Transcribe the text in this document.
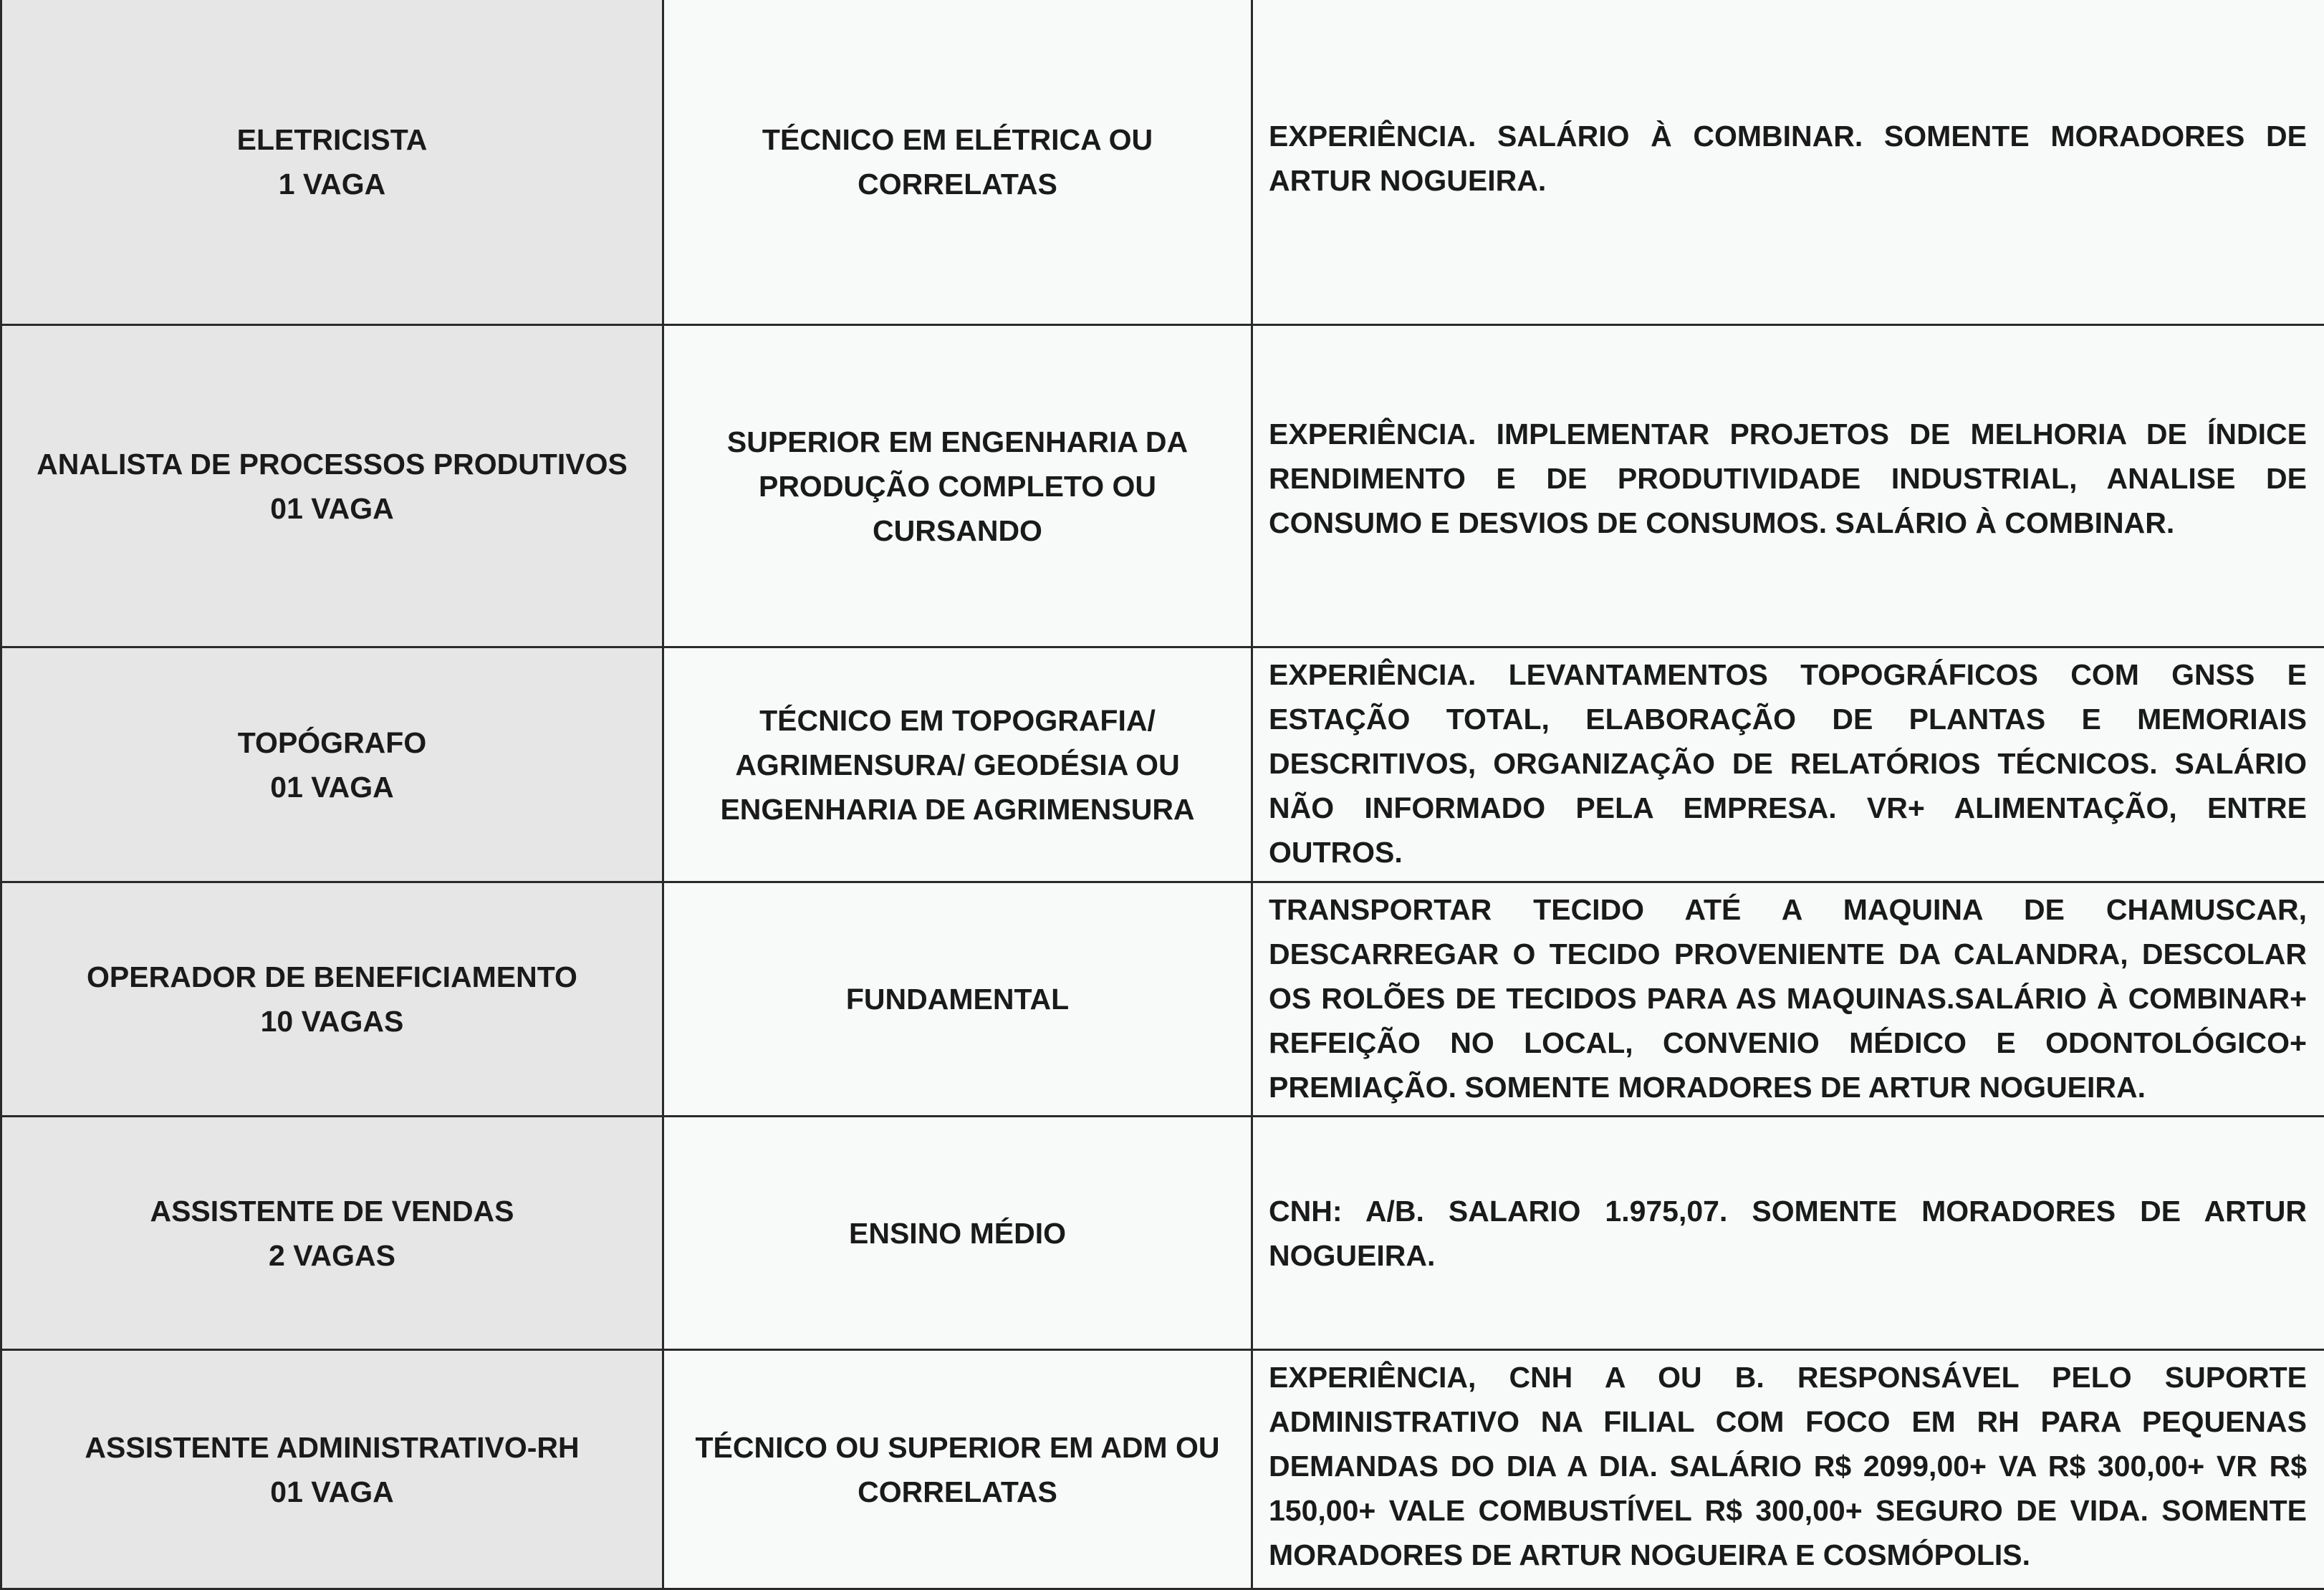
ELETRICISTA
1 VAGA	TÉCNICO EM ELÉTRICA OU CORRELATAS	EXPERIÊNCIA. SALÁRIO À COMBINAR. SOMENTE MORADORES DE ARTUR NOGUEIRA.

ANALISTA DE PROCESSOS PRODUTIVOS
01 VAGA	SUPERIOR EM ENGENHARIA DA PRODUÇÃO COMPLETO OU CURSANDO	EXPERIÊNCIA. IMPLEMENTAR PROJETOS DE MELHORIA DE ÍNDICE RENDIMENTO E DE PRODUTIVIDADE INDUSTRIAL, ANALISE DE CONSUMO E DESVIOS DE CONSUMOS. SALÁRIO À COMBINAR.

TOPÓGRAFO
01 VAGA	TÉCNICO EM TOPOGRAFIA/ AGRIMENSURA/ GEODÉSIA OU ENGENHARIA DE AGRIMENSURA	EXPERIÊNCIA. LEVANTAMENTOS TOPOGRÁFICOS COM GNSS E ESTAÇÃO TOTAL, ELABORAÇÃO DE PLANTAS E MEMORIAIS DESCRITIVOS, ORGANIZAÇÃO DE RELATÓRIOS TÉCNICOS. SALÁRIO NÃO INFORMADO PELA EMPRESA. VR+ ALIMENTAÇÃO, ENTRE OUTROS.

OPERADOR DE BENEFICIAMENTO
10 VAGAS	FUNDAMENTAL	TRANSPORTAR TECIDO ATÉ A MAQUINA DE CHAMUSCAR, DESCARREGAR O TECIDO PROVENIENTE DA CALANDRA, DESCOLAR OS ROLÕES DE TECIDOS PARA AS MAQUINAS.SALÁRIO À COMBINAR+ REFEIÇÃO NO LOCAL, CONVENIO MÉDICO E ODONTOLÓGICO+ PREMIAÇÃO. SOMENTE MORADORES DE ARTUR NOGUEIRA.

ASSISTENTE DE VENDAS
2 VAGAS	ENSINO MÉDIO	CNH: A/B. SALARIO 1.975,07. SOMENTE MORADORES DE ARTUR NOGUEIRA.

ASSISTENTE ADMINISTRATIVO-RH
01 VAGA	TÉCNICO OU SUPERIOR EM ADM OU CORRELATAS	EXPERIÊNCIA, CNH A OU B. RESPONSÁVEL PELO SUPORTE ADMINISTRATIVO NA FILIAL COM FOCO EM RH PARA PEQUENAS DEMANDAS DO DIA A DIA. SALÁRIO R$ 2099,00+ VA R$ 300,00+ VR R$ 150,00+ VALE COMBUSTÍVEL R$ 300,00+ SEGURO DE VIDA. SOMENTE MORADORES DE ARTUR NOGUEIRA E COSMÓPOLIS.
